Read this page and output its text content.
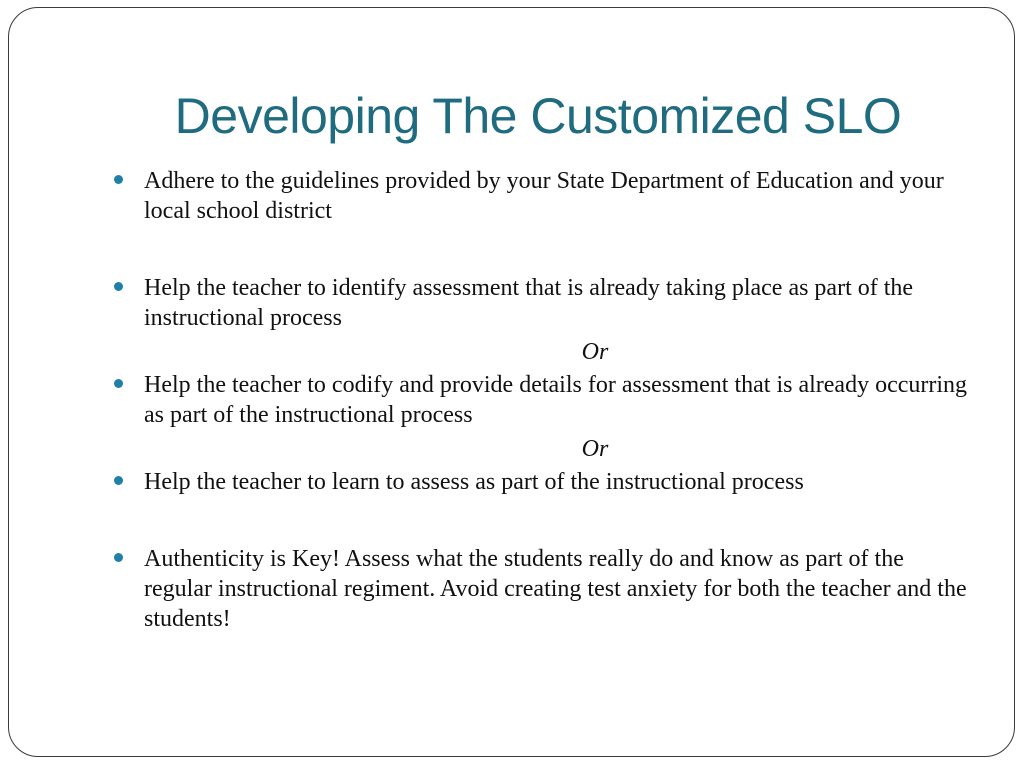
Developing The Customized SLO
Adhere to the guidelines provided by your State Department of Education and your local school district
Help the teacher to identify assessment that is already taking place as part of the instructional process
Or
Help the teacher to codify and provide details for assessment that is already occurring as part of the instructional process
Or
Help the teacher to learn to assess as part of the instructional process
Authenticity is Key! Assess what the students really do and know as part of the regular instructional regiment. Avoid creating test anxiety for both the teacher and the students!
